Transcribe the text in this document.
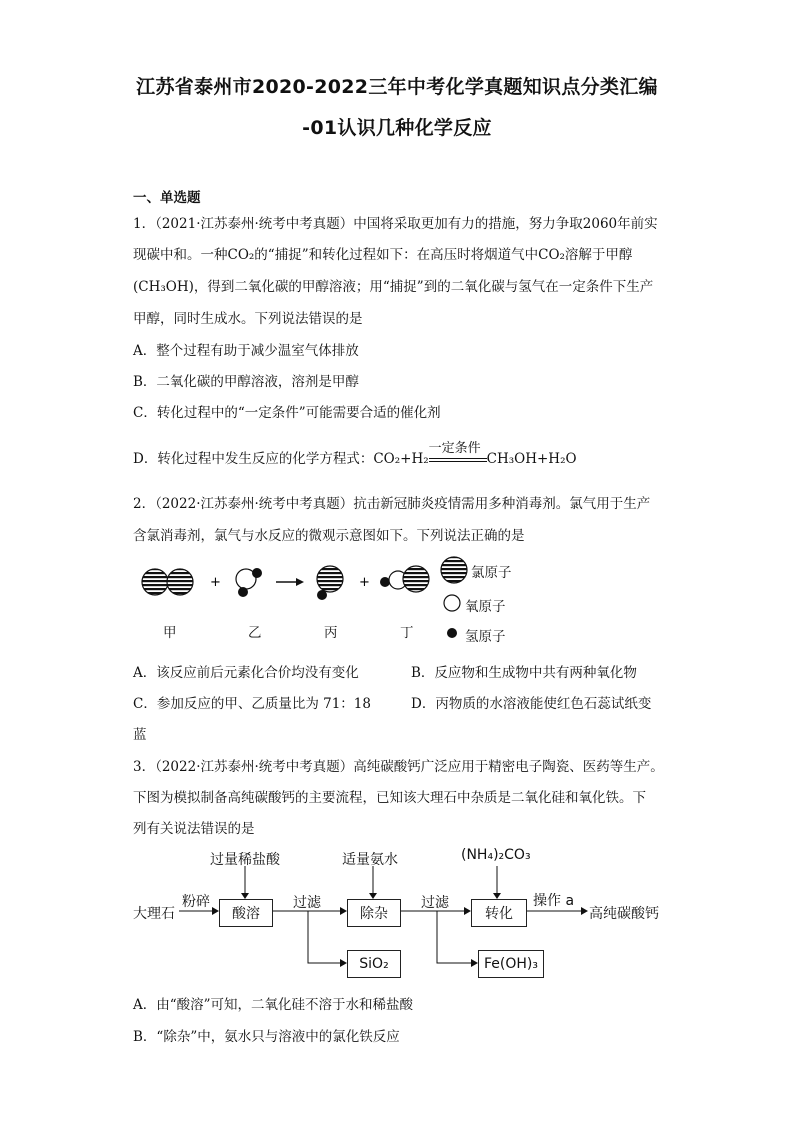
江苏省泰州市2020-2022三年中考化学真题知识点分类汇编
-01认识几种化学反应
一、单选题
1．（2021·江苏泰州·统考中考真题）中国将采取更加有力的措施，努力争取2060年前实
现碳中和。一种CO₂的“捕捉”和转化过程如下：在高压时将烟道气中CO₂溶解于甲醇
(CH₃OH)，得到二氧化碳的甲醇溶液；用“捕捉”到的二氧化碳与氢气在一定条件下生产
甲醇，同时生成水。下列说法错误的是
A．整个过程有助于减少温室气体排放
B．二氧化碳的甲醇溶液，溶剂是甲醇
C．转化过程中的“一定条件”可能需要合适的催化剂
D．转化过程中发生反应的化学方程式：CO₂+H₂
一定条件
CH₃OH+H₂O
2．（2022·江苏泰州·统考中考真题）抗击新冠肺炎疫情需用多种消毒剂。氯气用于生产
含氯消毒剂，氯气与水反应的微观示意图如下。下列说法正确的是
+	+
氯原子
氧原子
氢原子
甲	乙	丙	丁
A．该反应前后元素化合价均没有变化	B．反应物和生成物中共有两种氧化物
C．参加反应的甲、乙质量比为 71：18	D．丙物质的水溶液能使红色石蕊试纸变
蓝
3．（2022·江苏泰州·统考中考真题）高纯碳酸钙广泛应用于精密电子陶瓷、医药等生产。
下图为模拟制备高纯碳酸钙的主要流程，已知该大理石中杂质是二氧化硅和氧化铁。下
列有关说法错误的是
过量稀盐酸	适量氨水	(NH₄)₂CO₃
大理石
粉碎
酸溶
过滤
除杂
过滤
转化
操作 a
高纯碳酸钙
SiO₂	Fe(OH)₃
A．由“酸溶”可知，二氧化硅不溶于水和稀盐酸
B．“除杂”中，氨水只与溶液中的氯化铁反应
